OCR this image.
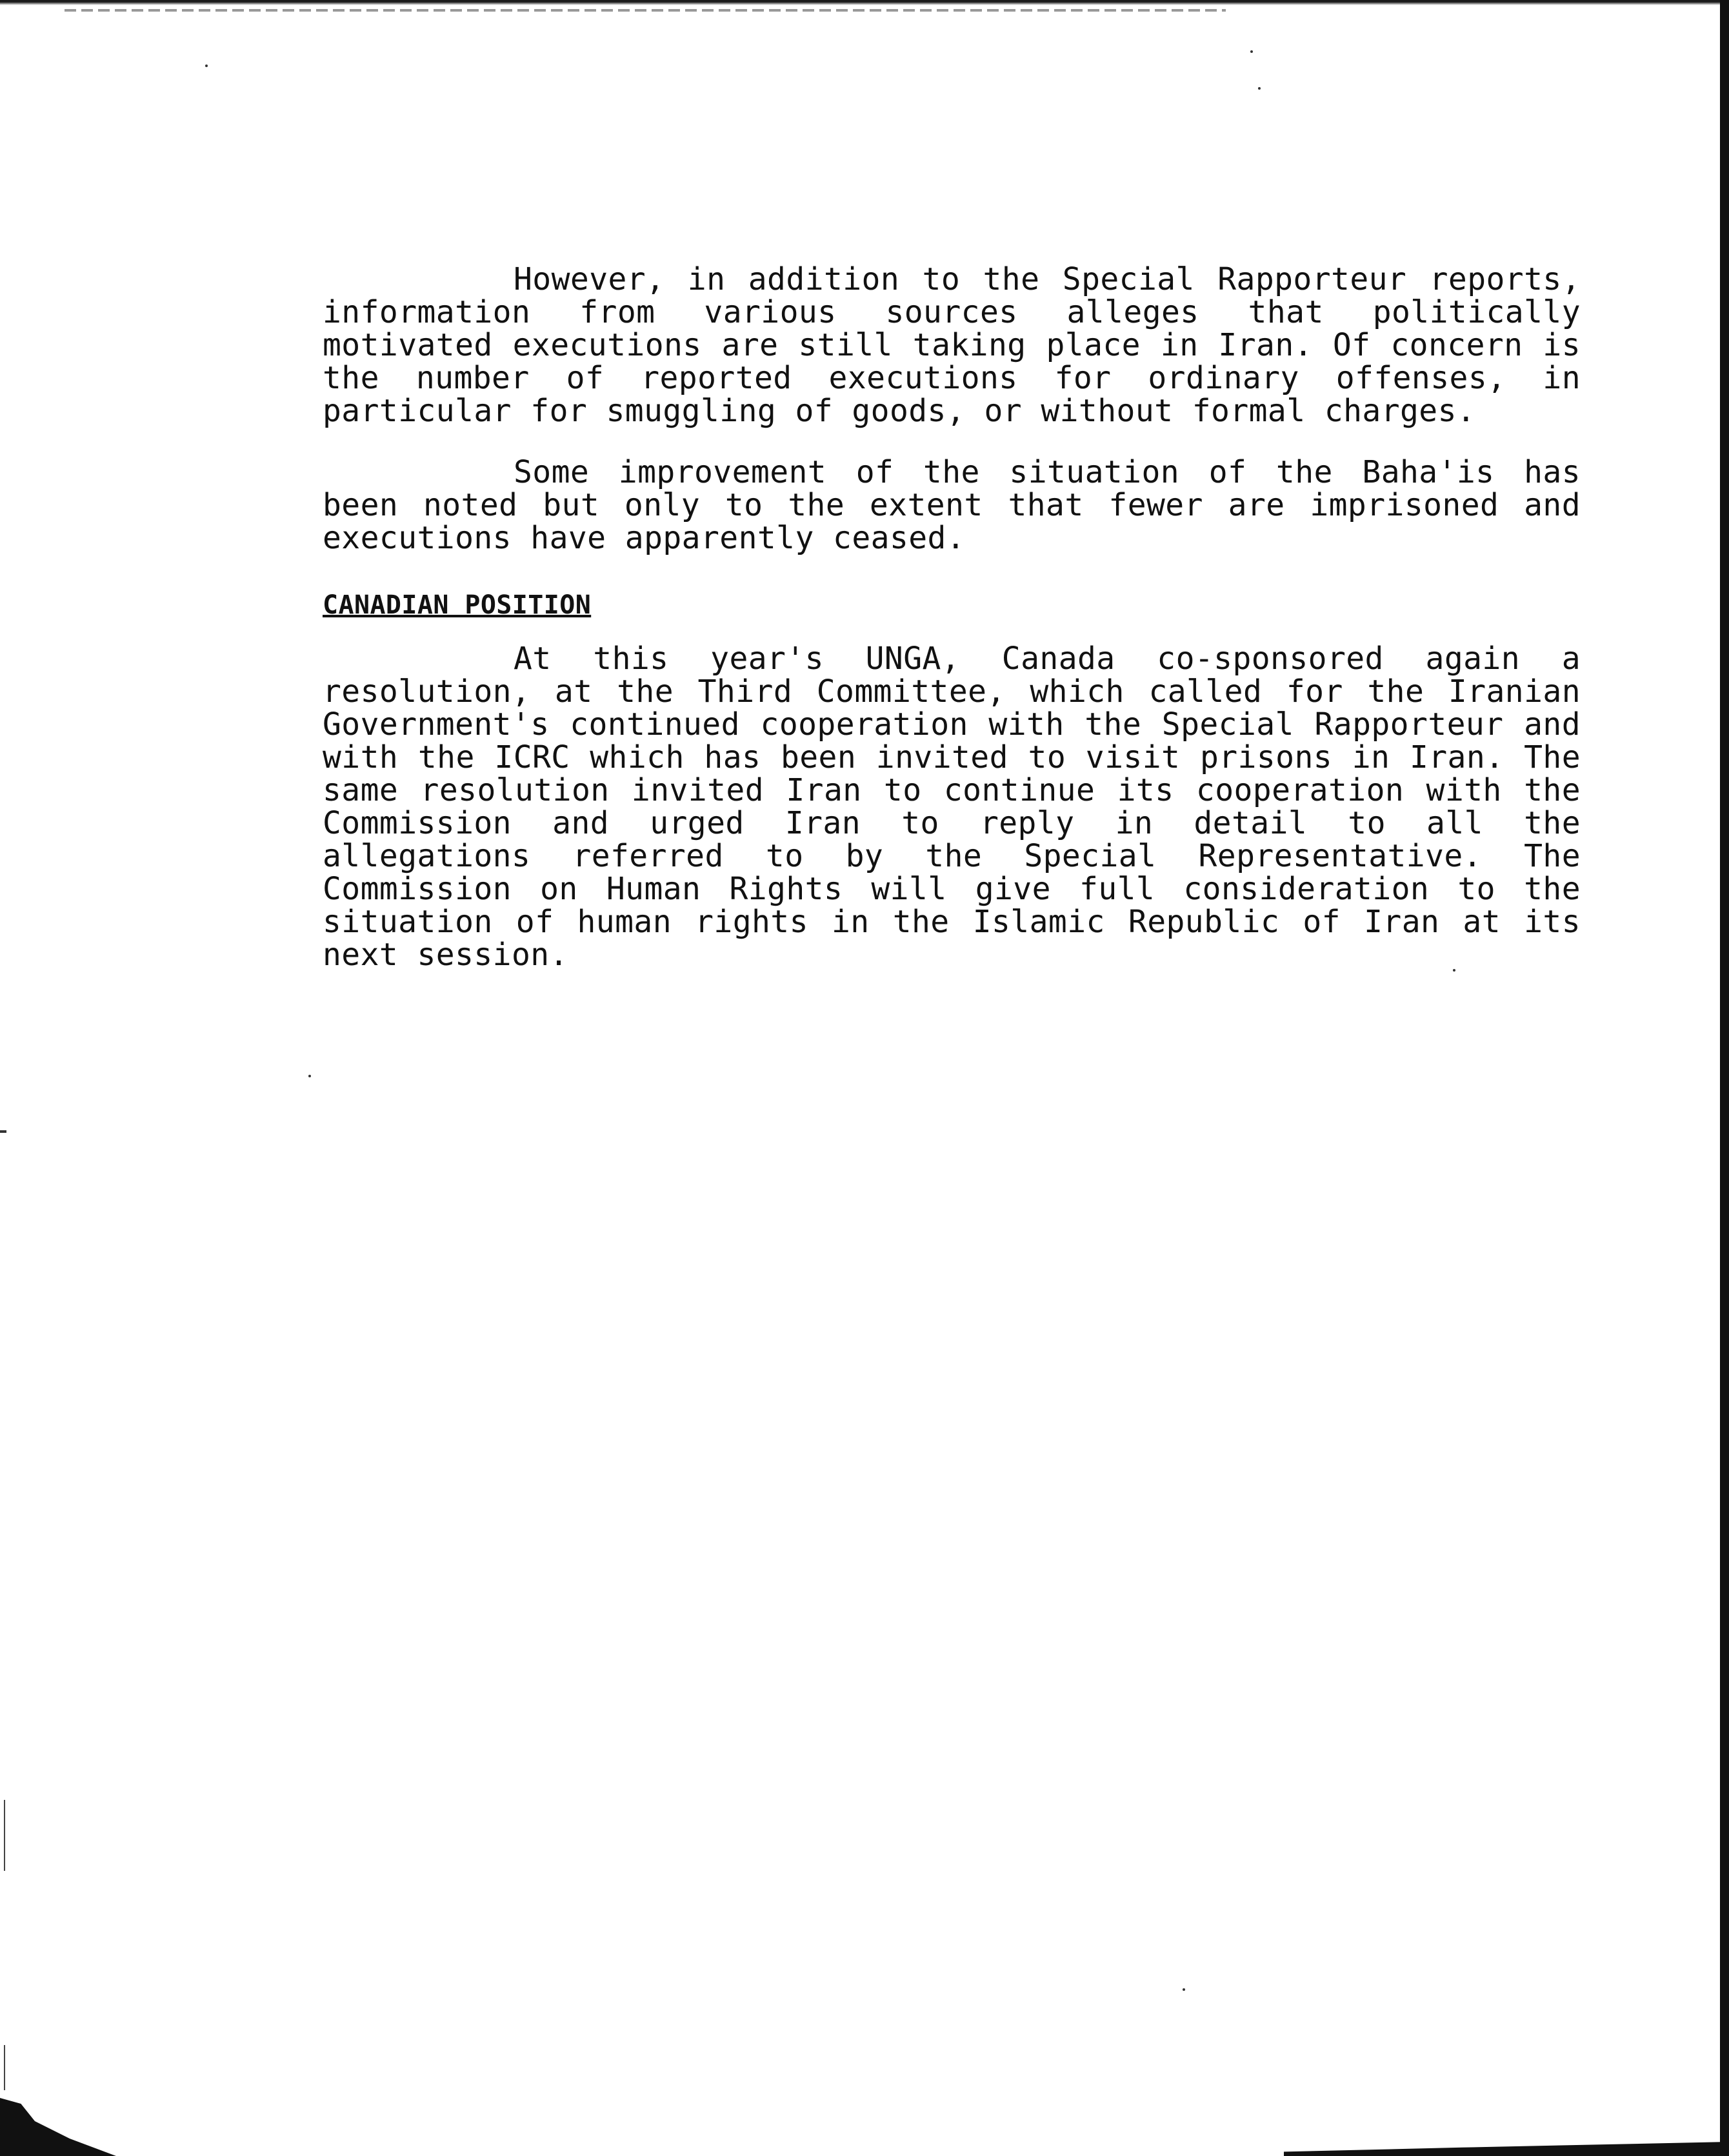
However, in addition to the Special Rapporteur reports, information from various sources alleges that politically motivated executions are still taking place in Iran. Of concern is the number of reported executions for ordinary offenses, in particular for smuggling of goods, or without formal charges.

Some improvement of the situation of the Baha'is has been noted but only to the extent that fewer are imprisoned and executions have apparently ceased.

CANADIAN POSITION

At this year's UNGA, Canada co-sponsored again a resolution, at the Third Committee, which called for the Iranian Government's continued cooperation with the Special Rapporteur and with the ICRC which has been invited to visit prisons in Iran. The same resolution invited Iran to continue its cooperation with the Commission and urged Iran to reply in detail to all the allegations referred to by the Special Representative. The Commission on Human Rights will give full consideration to the situation of human rights in the Islamic Republic of Iran at its next session.
